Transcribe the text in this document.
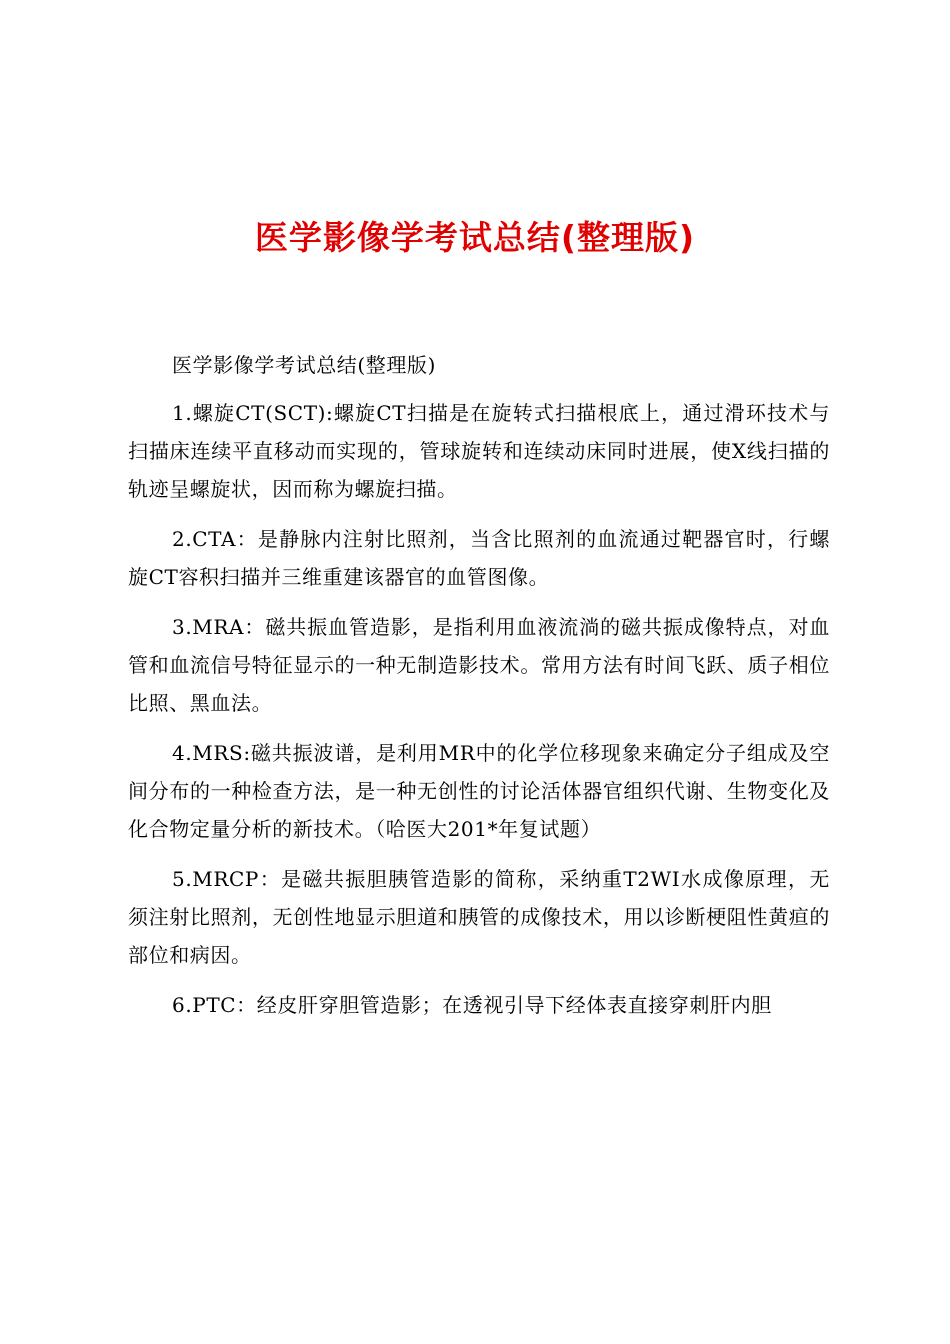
医学影像学考试总结(整理版)

医学影像学考试总结(整理版)

1.螺旋CT(SCT):螺旋CT扫描是在旋转式扫描根底上，通过滑环技术与扫描床连续平直移动而实现的，管球旋转和连续动床同时进展，使X线扫描的轨迹呈螺旋状，因而称为螺旋扫描。

2.CTA：是静脉内注射比照剂，当含比照剂的血流通过靶器官时，行螺旋CT容积扫描并三维重建该器官的血管图像。

3.MRA：磁共振血管造影，是指利用血液流淌的磁共振成像特点，对血管和血流信号特征显示的一种无制造影技术。常用方法有时间飞跃、质子相位比照、黑血法。

4.MRS:磁共振波谱，是利用MR中的化学位移现象来确定分子组成及空间分布的一种检查方法，是一种无创性的讨论活体器官组织代谢、生物变化及化合物定量分析的新技术。（哈医大201*年复试题）

5.MRCP：是磁共振胆胰管造影的简称，采纳重T2WI水成像原理，无须注射比照剂，无创性地显示胆道和胰管的成像技术，用以诊断梗阻性黄疸的部位和病因。

6.PTC：经皮肝穿胆管造影；在透视引导下经体表直接穿刺肝内胆
